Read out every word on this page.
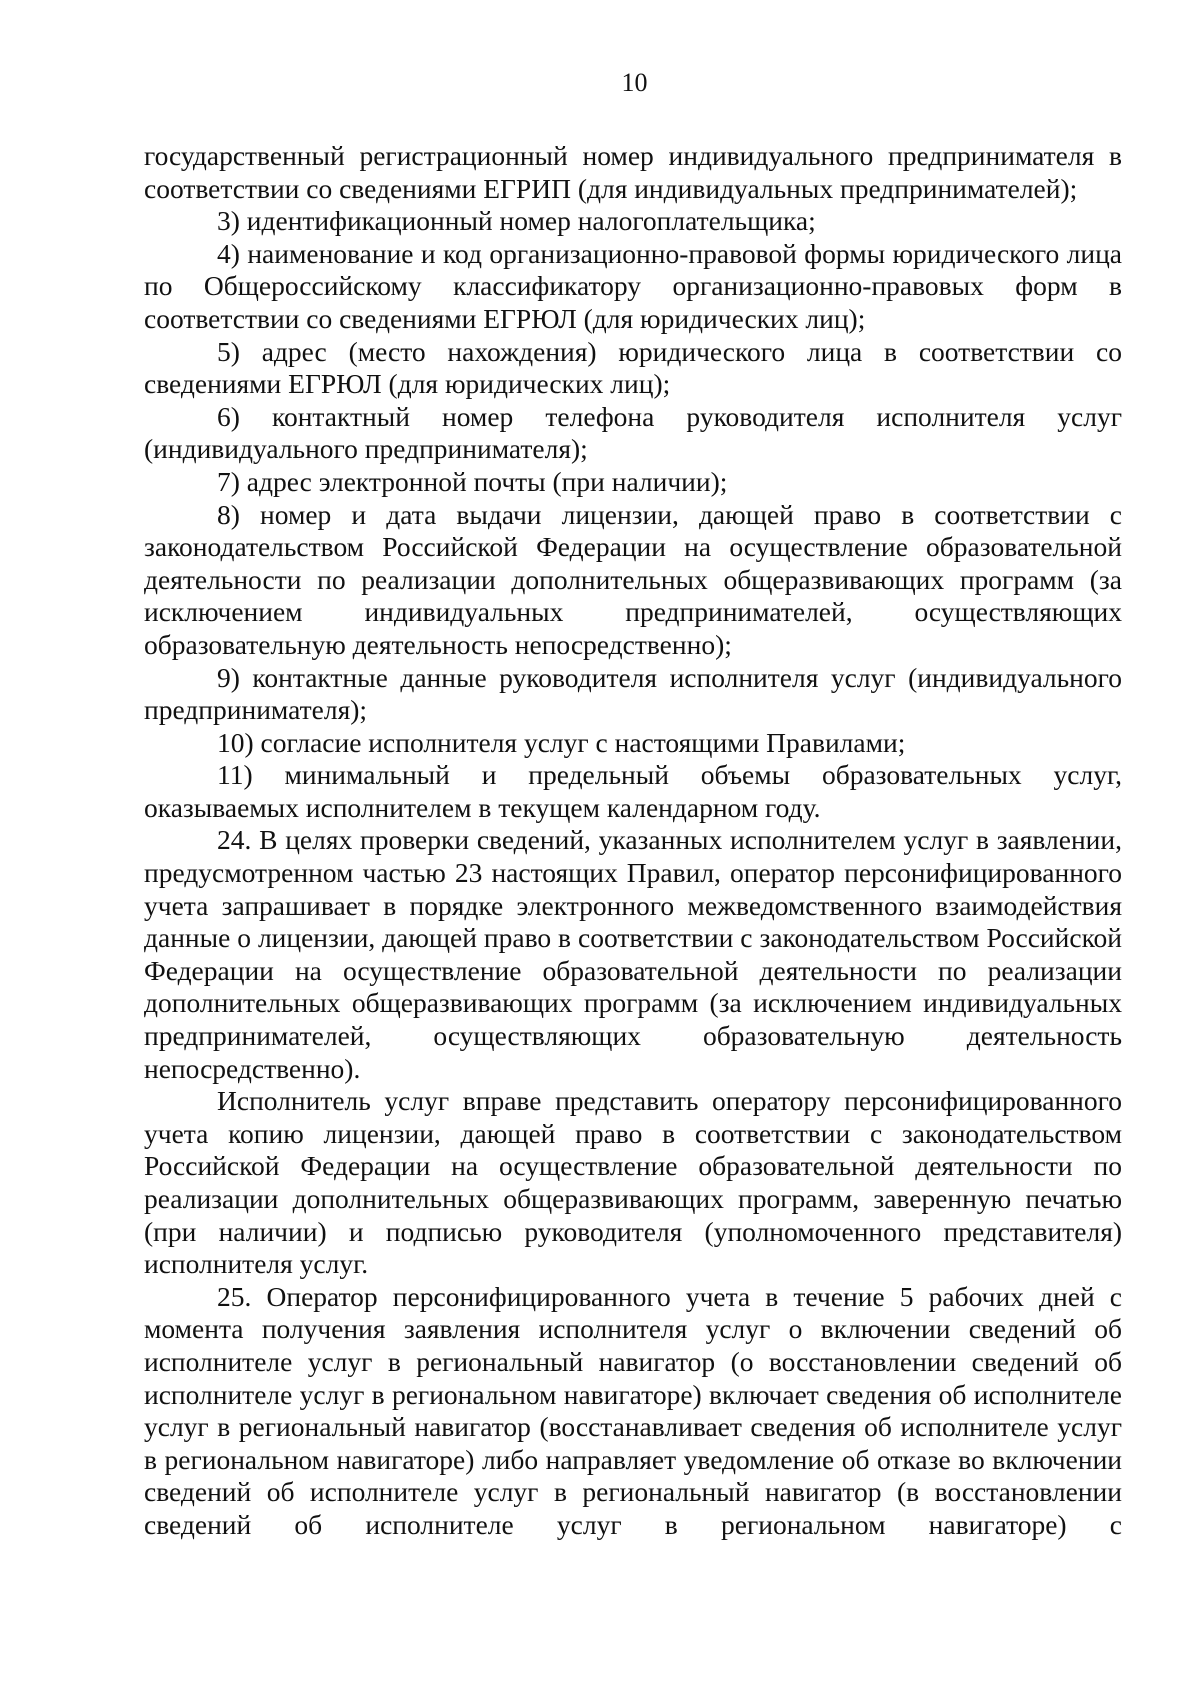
10

государственный регистрационный номер индивидуального предпринимателя в соответствии со сведениями ЕГРИП (для индивидуальных предпринимателей);

3) идентификационный номер налогоплательщика;

4) наименование и код организационно-правовой формы юридического лица по Общероссийскому классификатору организационно-правовых форм в соответствии со сведениями ЕГРЮЛ (для юридических лиц);

5) адрес (место нахождения) юридического лица в соответствии со сведениями ЕГРЮЛ (для юридических лиц);

6) контактный номер телефона руководителя исполнителя услуг (индивидуального предпринимателя);

7) адрес электронной почты (при наличии);

8) номер и дата выдачи лицензии, дающей право в соответствии с законодательством Российской Федерации на осуществление образовательной деятельности по реализации дополнительных общеразвивающих программ (за исключением индивидуальных предпринимателей, осуществляющих образовательную деятельность непосредственно);

9) контактные данные руководителя исполнителя услуг (индивидуального предпринимателя);

10) согласие исполнителя услуг с настоящими Правилами;

11) минимальный и предельный объемы образовательных услуг, оказываемых исполнителем в текущем календарном году.

24. В целях проверки сведений, указанных исполнителем услуг в заявлении, предусмотренном частью 23 настоящих Правил, оператор персонифицированного учета запрашивает в порядке электронного межведомственного взаимодействия данные о лицензии, дающей право в соответствии с законодательством Российской Федерации на осуществление образовательной деятельности по реализации дополнительных общеразвивающих программ (за исключением индивидуальных предпринимателей, осуществляющих образовательную деятельность непосредственно).

Исполнитель услуг вправе представить оператору персонифицированного учета копию лицензии, дающей право в соответствии с законодательством Российской Федерации на осуществление образовательной деятельности по реализации дополнительных общеразвивающих программ, заверенную печатью (при наличии) и подписью руководителя (уполномоченного представителя) исполнителя услуг.

25. Оператор персонифицированного учета в течение 5 рабочих дней с момента получения заявления исполнителя услуг о включении сведений об исполнителе услуг в региональный навигатор (о восстановлении сведений об исполнителе услуг в региональном навигаторе) включает сведения об исполнителе услуг в региональный навигатор (восстанавливает сведения об исполнителе услуг в региональном навигаторе) либо направляет уведомление об отказе во включении сведений об исполнителе услуг в региональный навигатор (в восстановлении сведений об исполнителе услуг в региональном навигаторе) с
